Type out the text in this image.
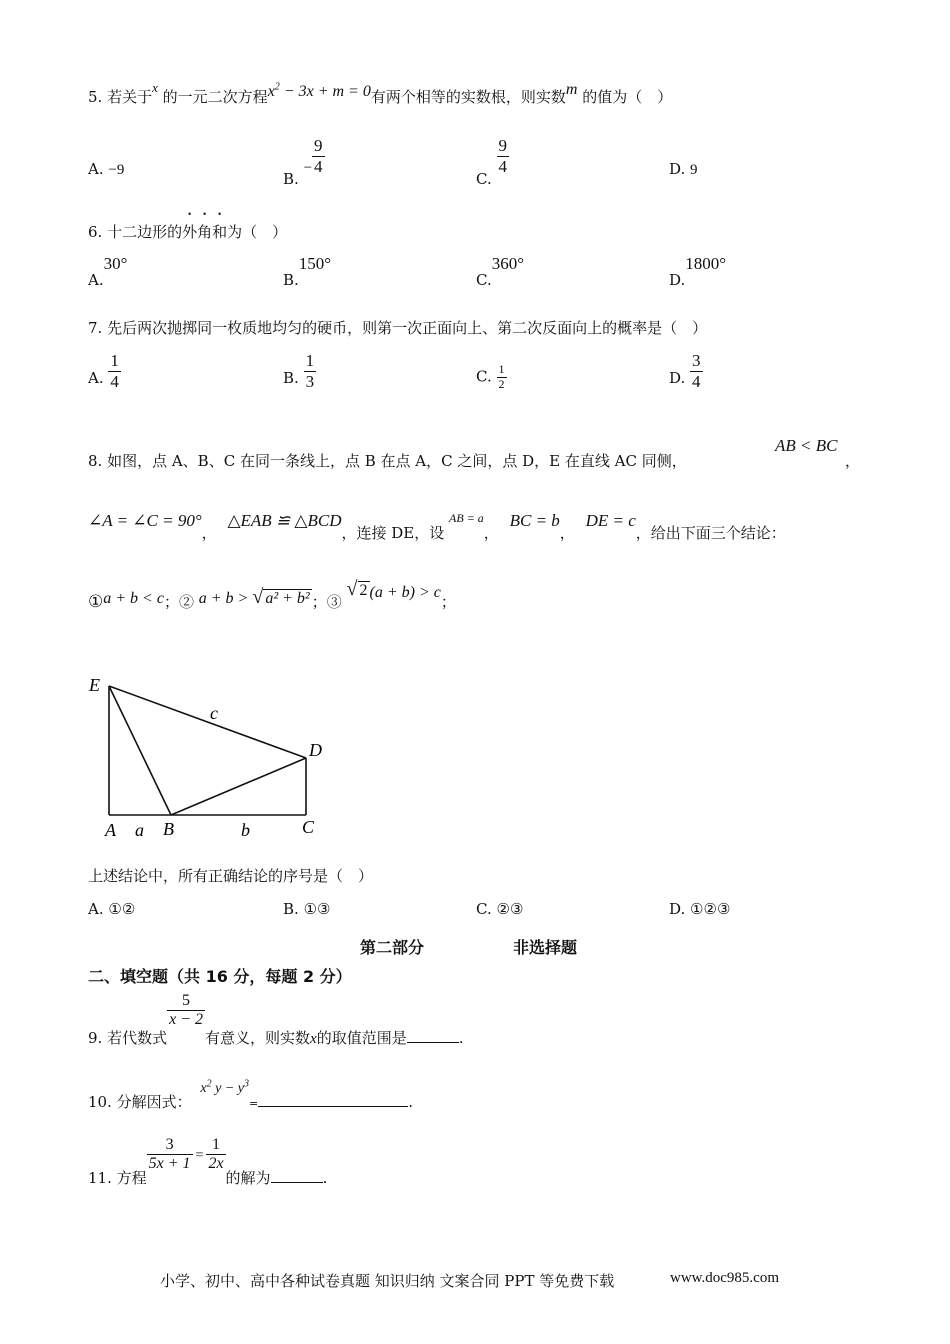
5. 若关于x 的一元二次方程$x^2 - 3x + m = 0$有两个相等的实数根，则实数m 的值为（　）
A. −9
B. − $\frac{9}{4}$
C.
$\frac{9}{4}$	D. 9
6. 十二边形的外角和为（　）
A.30°
B.150°
C.360°
D.1800°
7. 先后两次抛掷同一枚质地均匀的硬币，则第一次正面向上、第二次反面向上的概率是（　）
A. $\frac{1}{4}$	B. $\frac{1}{3}$	C. $\frac{1}{2}$	D. $\frac{3}{4}$
8. 如图，点 A、B、C 在同一条线上，点 B 在点 A，C 之间，点 D，E 在直线 AC 同侧，
AB < BC
，
∠A = ∠C = 90°， △EAB ≌ △BCD，连接 DE，设 $^{AB = a}$， BC = b， DE = c，给出下面三个结论：
①a + b < c；② a + b > √ a² + b² ；③ √ 2 (a + b) > c；
E
D
A a B	b	C
c
上述结论中，所有正确结论的序号是（　）
A. ①②	B. ①③	C. ②③	D. ①②③
第二部分	非选择题
二、填空题（共 16 分，每题 2 分）
9. 若代数式
$\frac{5}{x - 2}$
有意义，则实数x的取值范围是	.
10. 分解因式： $x^2$ $y - y^3_=$	.
11. 方程
$\frac{3}{5x + 1} = \frac{1}{2x}$
的解为	.
小学、初中、高中各种试卷真题 知识归纳 文案合同 PPT 等免费下载	www.doc985.com
